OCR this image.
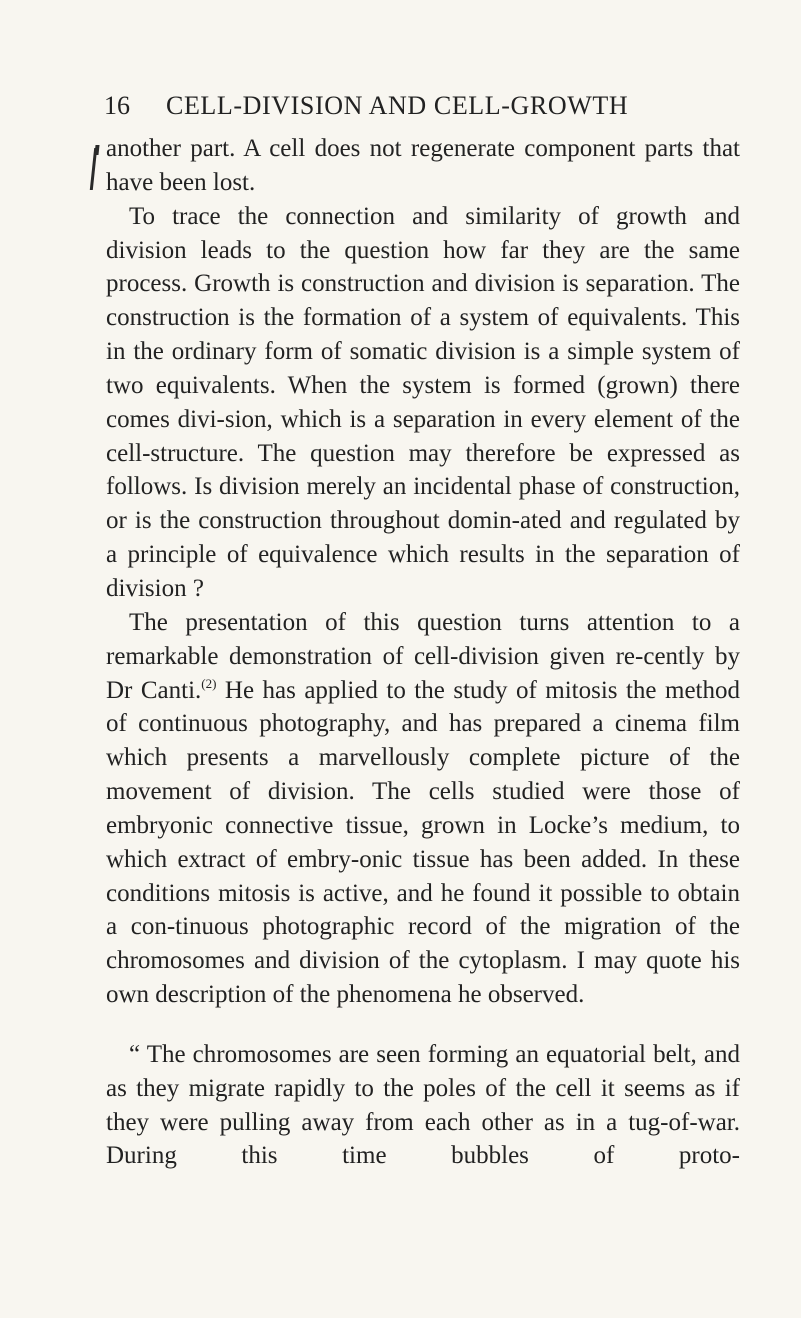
16 CELL-DIVISION AND CELL-GROWTH

another part. A cell does not regenerate component parts that have been lost.

To trace the connection and similarity of growth and division leads to the question how far they are the same process. Growth is construction and division is separation. The construction is the formation of a system of equivalents. This in the ordinary form of somatic division is a simple system of two equivalents. When the system is formed (grown) there comes divi-sion, which is a separation in every element of the cell-structure. The question may therefore be expressed as follows. Is division merely an incidental phase of construction, or is the construction throughout domin-ated and regulated by a principle of equivalence which results in the separation of division ?

The presentation of this question turns attention to a remarkable demonstration of cell-division given re-cently by Dr Canti.$^{(2)}$ He has applied to the study of mitosis the method of continuous photography, and has prepared a cinema film which presents a marvellously complete picture of the movement of division. The cells studied were those of embryonic connective tissue, grown in Locke’s medium, to which extract of embry-onic tissue has been added. In these conditions mitosis is active, and he found it possible to obtain a con-tinuous photographic record of the migration of the chromosomes and division of the cytoplasm. I may quote his own description of the phenomena he observed.

“ The chromosomes are seen forming an equatorial belt, and as they migrate rapidly to the poles of the cell it seems as if they were pulling away from each other as in a tug-of-war. During this time bubbles of proto-
